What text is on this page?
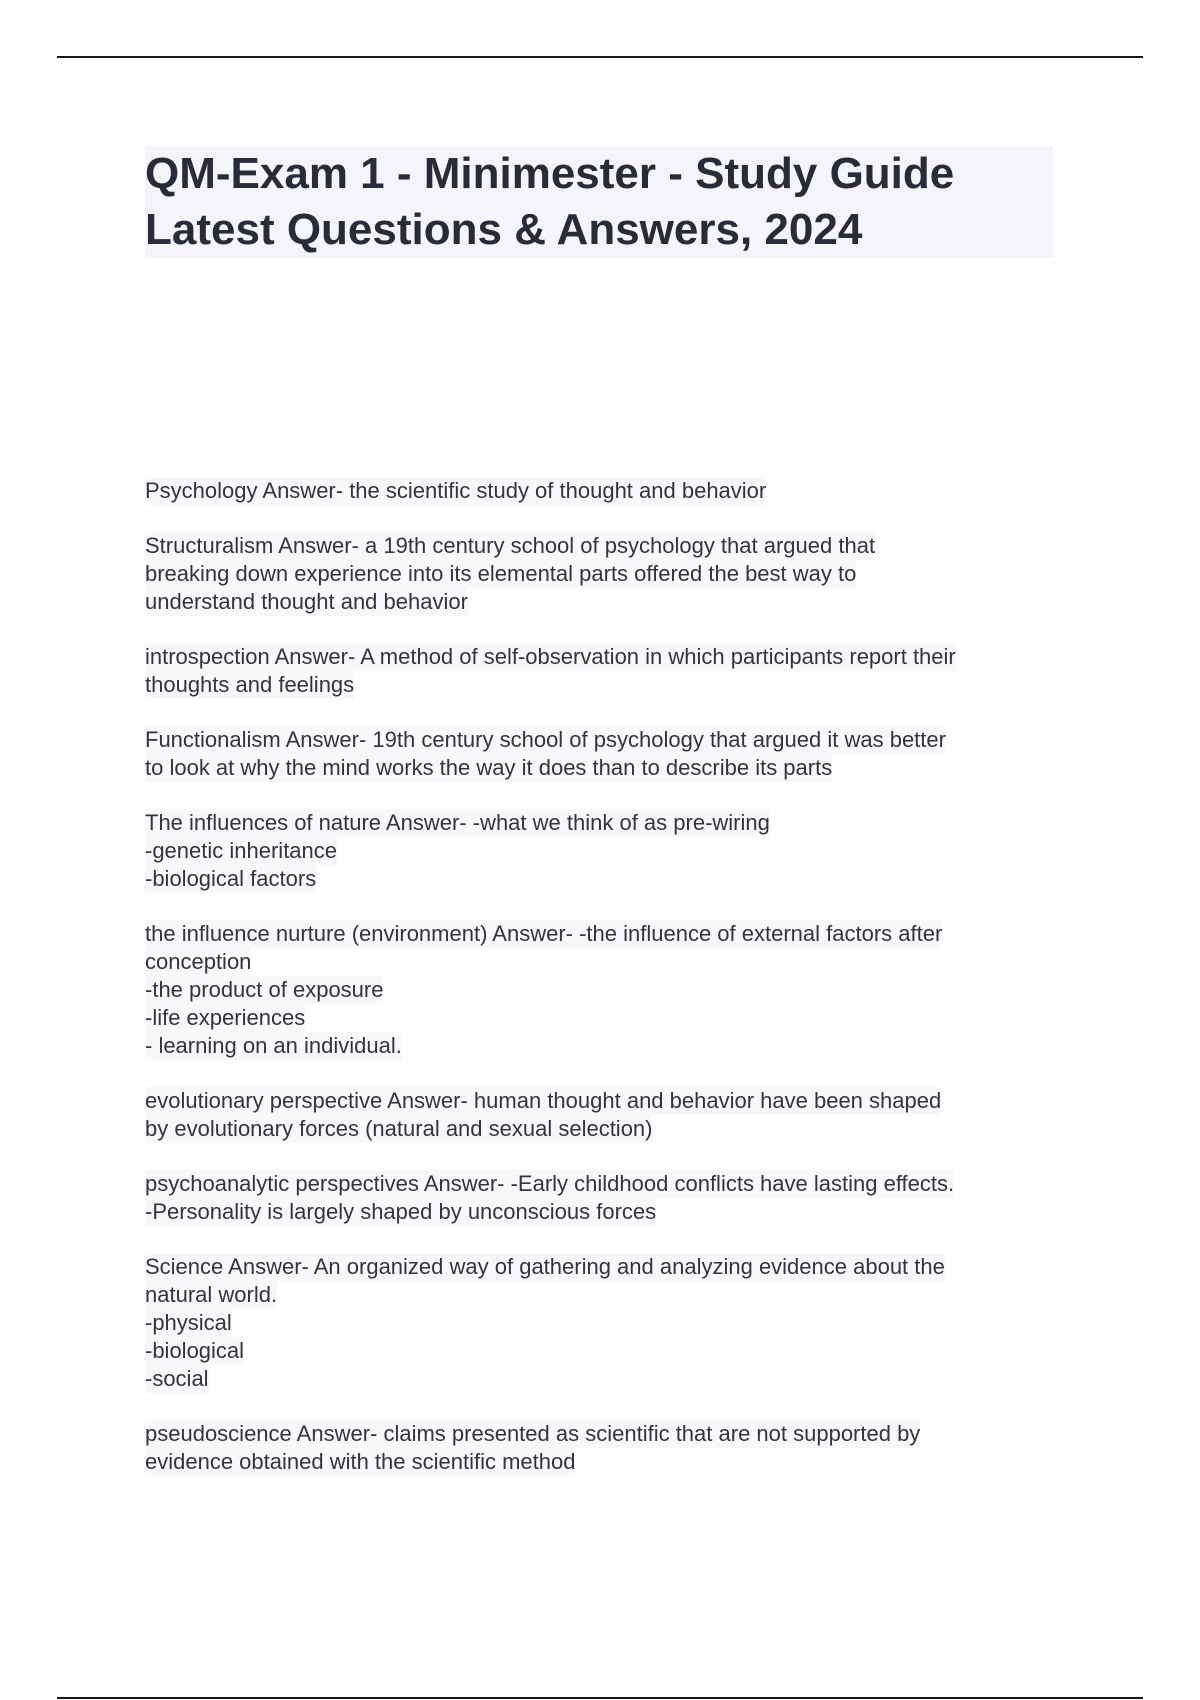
QM-Exam 1 - Minimester - Study Guide
Latest Questions & Answers, 2024
Psychology Answer- the scientific study of thought and behavior
Structuralism Answer- a 19th century school of psychology that argued that
breaking down experience into its elemental parts offered the best way to
understand thought and behavior
introspection Answer- A method of self-observation in which participants report their
thoughts and feelings
Functionalism Answer- 19th century school of psychology that argued it was better
to look at why the mind works the way it does than to describe its parts
The influences of nature Answer- -what we think of as pre-wiring
-genetic inheritance
-biological factors
the influence nurture (environment) Answer- -the influence of external factors after
conception
-the product of exposure
-life experiences
- learning on an individual.
evolutionary perspective Answer- human thought and behavior have been shaped
by evolutionary forces (natural and sexual selection)
psychoanalytic perspectives Answer- -Early childhood conflicts have lasting effects.
-Personality is largely shaped by unconscious forces
Science Answer- An organized way of gathering and analyzing evidence about the
natural world.
-physical
-biological
-social
pseudoscience Answer- claims presented as scientific that are not supported by
evidence obtained with the scientific method
